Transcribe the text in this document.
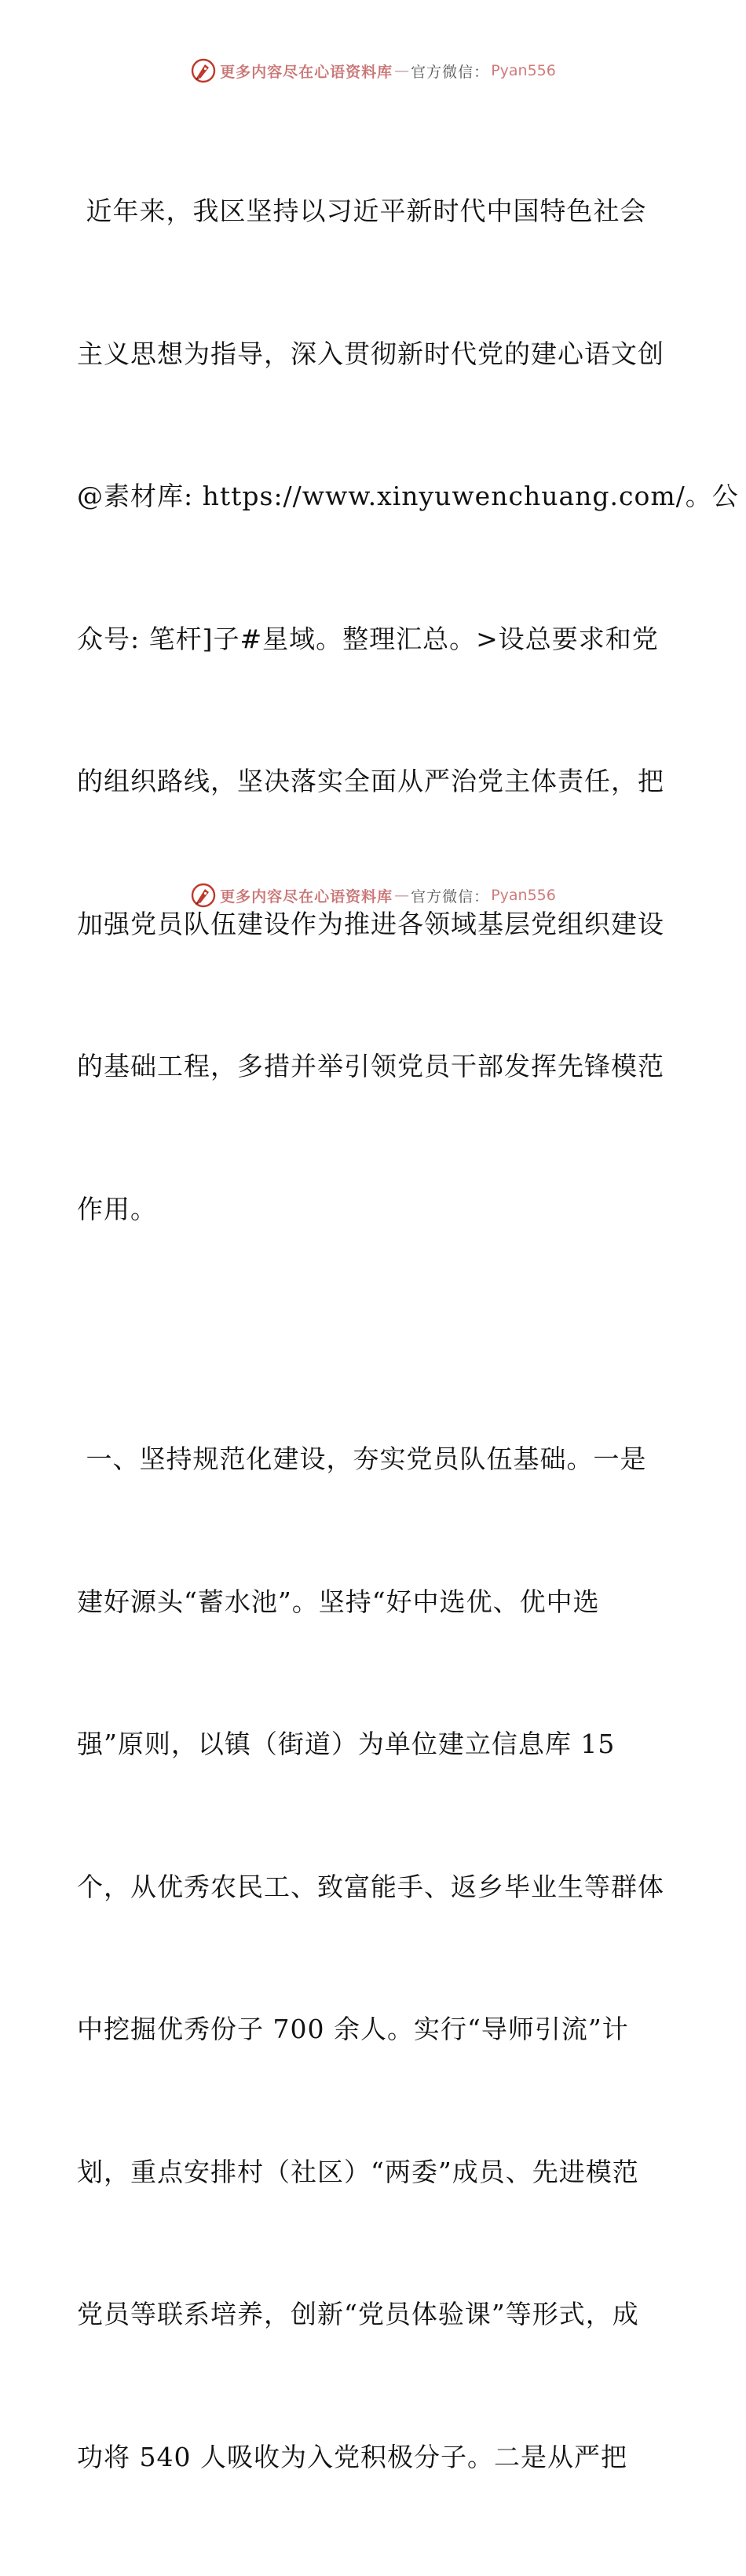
更多内容尽在心语资料库 — 官方微信： Pyan556

近年来，我区坚持以习近平新时代中国特色社会

主义思想为指导，深入贯彻新时代党的建心语文创

@素材库: https://www.xinyuwenchuang.com/。公

众号: 笔杆]子#星域。整理汇总。>设总要求和党

的组织路线，坚决落实全面从严治党主体责任，把

加强党员队伍建设作为推进各领域基层党组织建设

的基础工程，多措并举引领党员干部发挥先锋模范

作用。

一、坚持规范化建设，夯实党员队伍基础。一是

建好源头“蓄水池”。坚持“好中选优、优中选

强”原则，以镇（街道）为单位建立信息库 15

个，从优秀农民工、致富能手、返乡毕业生等群体

中挖掘优秀份子 700 余人。实行“导师引流”计

划，重点安排村（社区）“两委”成员、先进模范

党员等联系培养，创新“党员体验课”等形式，成

功将 540 人吸收为入党积极分子。二是从严把

更多内容尽在心语资料库 — 官方微信： Pyan556
